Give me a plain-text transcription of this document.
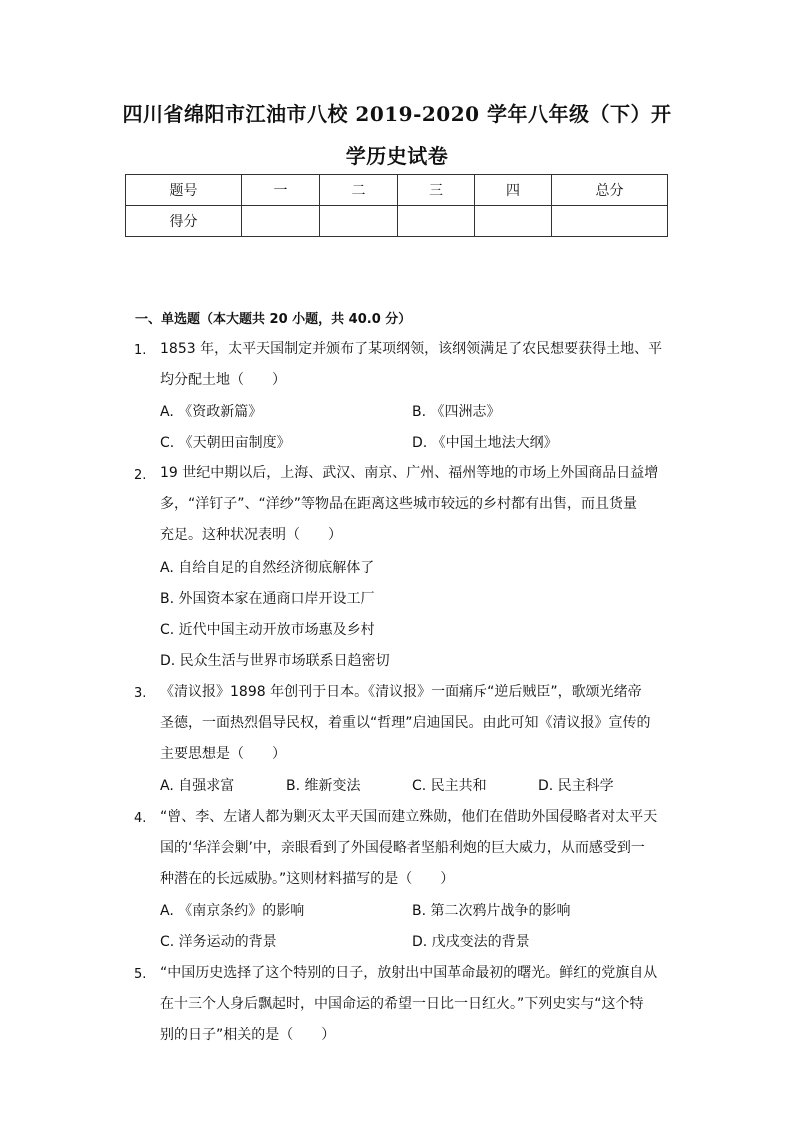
四川省绵阳市江油市八校 2019-2020 学年八年级（下）开
学历史试卷
题号	一	二	三	四	总分
得分					
一、单选题（本大题共 20 小题，共 40.0 分）
1. 1853 年，太平天国制定并颁布了某项纲领，该纲领满足了农民想要获得土地、平
均分配土地（　　）
A. 《资政新篇》	B. 《四洲志》
C. 《天朝田亩制度》	D. 《中国土地法大纲》
2. 19 世纪中期以后，上海、武汉、南京、广州、福州等地的市场上外国商品日益增
多，“洋钉子”、“洋纱”等物品在距离这些城市较远的乡村都有出售，而且货量
充足。这种状况表明（　　）
A. 自给自足的自然经济彻底解体了
B. 外国资本家在通商口岸开设工厂
C. 近代中国主动开放市场惠及乡村
D. 民众生活与世界市场联系日趋密切
3. 《清议报》1898 年创刊于日本。《清议报》一面痛斥“逆后贼臣”，歌颂光绪帝
圣德，一面热烈倡导民权，着重以“哲理”启迪国民。由此可知《清议报》宣传的
主要思想是（　　）
A. 自强求富	B. 维新变法	C. 民主共和	D. 民主科学
4. “曾、李、左诸人都为剿灭太平天国而建立殊勋，他们在借助外国侵略者对太平天
国的‘华洋会剿’中，亲眼看到了外国侵略者坚船利炮的巨大威力，从而感受到一
种潜在的长远威胁。”这则材料描写的是（　　）
A. 《南京条约》的影响	B. 第二次鸦片战争的影响
C. 洋务运动的背景	D. 戊戌变法的背景
5. “中国历史选择了这个特别的日子，放射出中国革命最初的曙光。鲜红的党旗自从
在十三个人身后飘起时，中国命运的希望一日比一日红火。”下列史实与“这个特
别的日子”相关的是（　　）
